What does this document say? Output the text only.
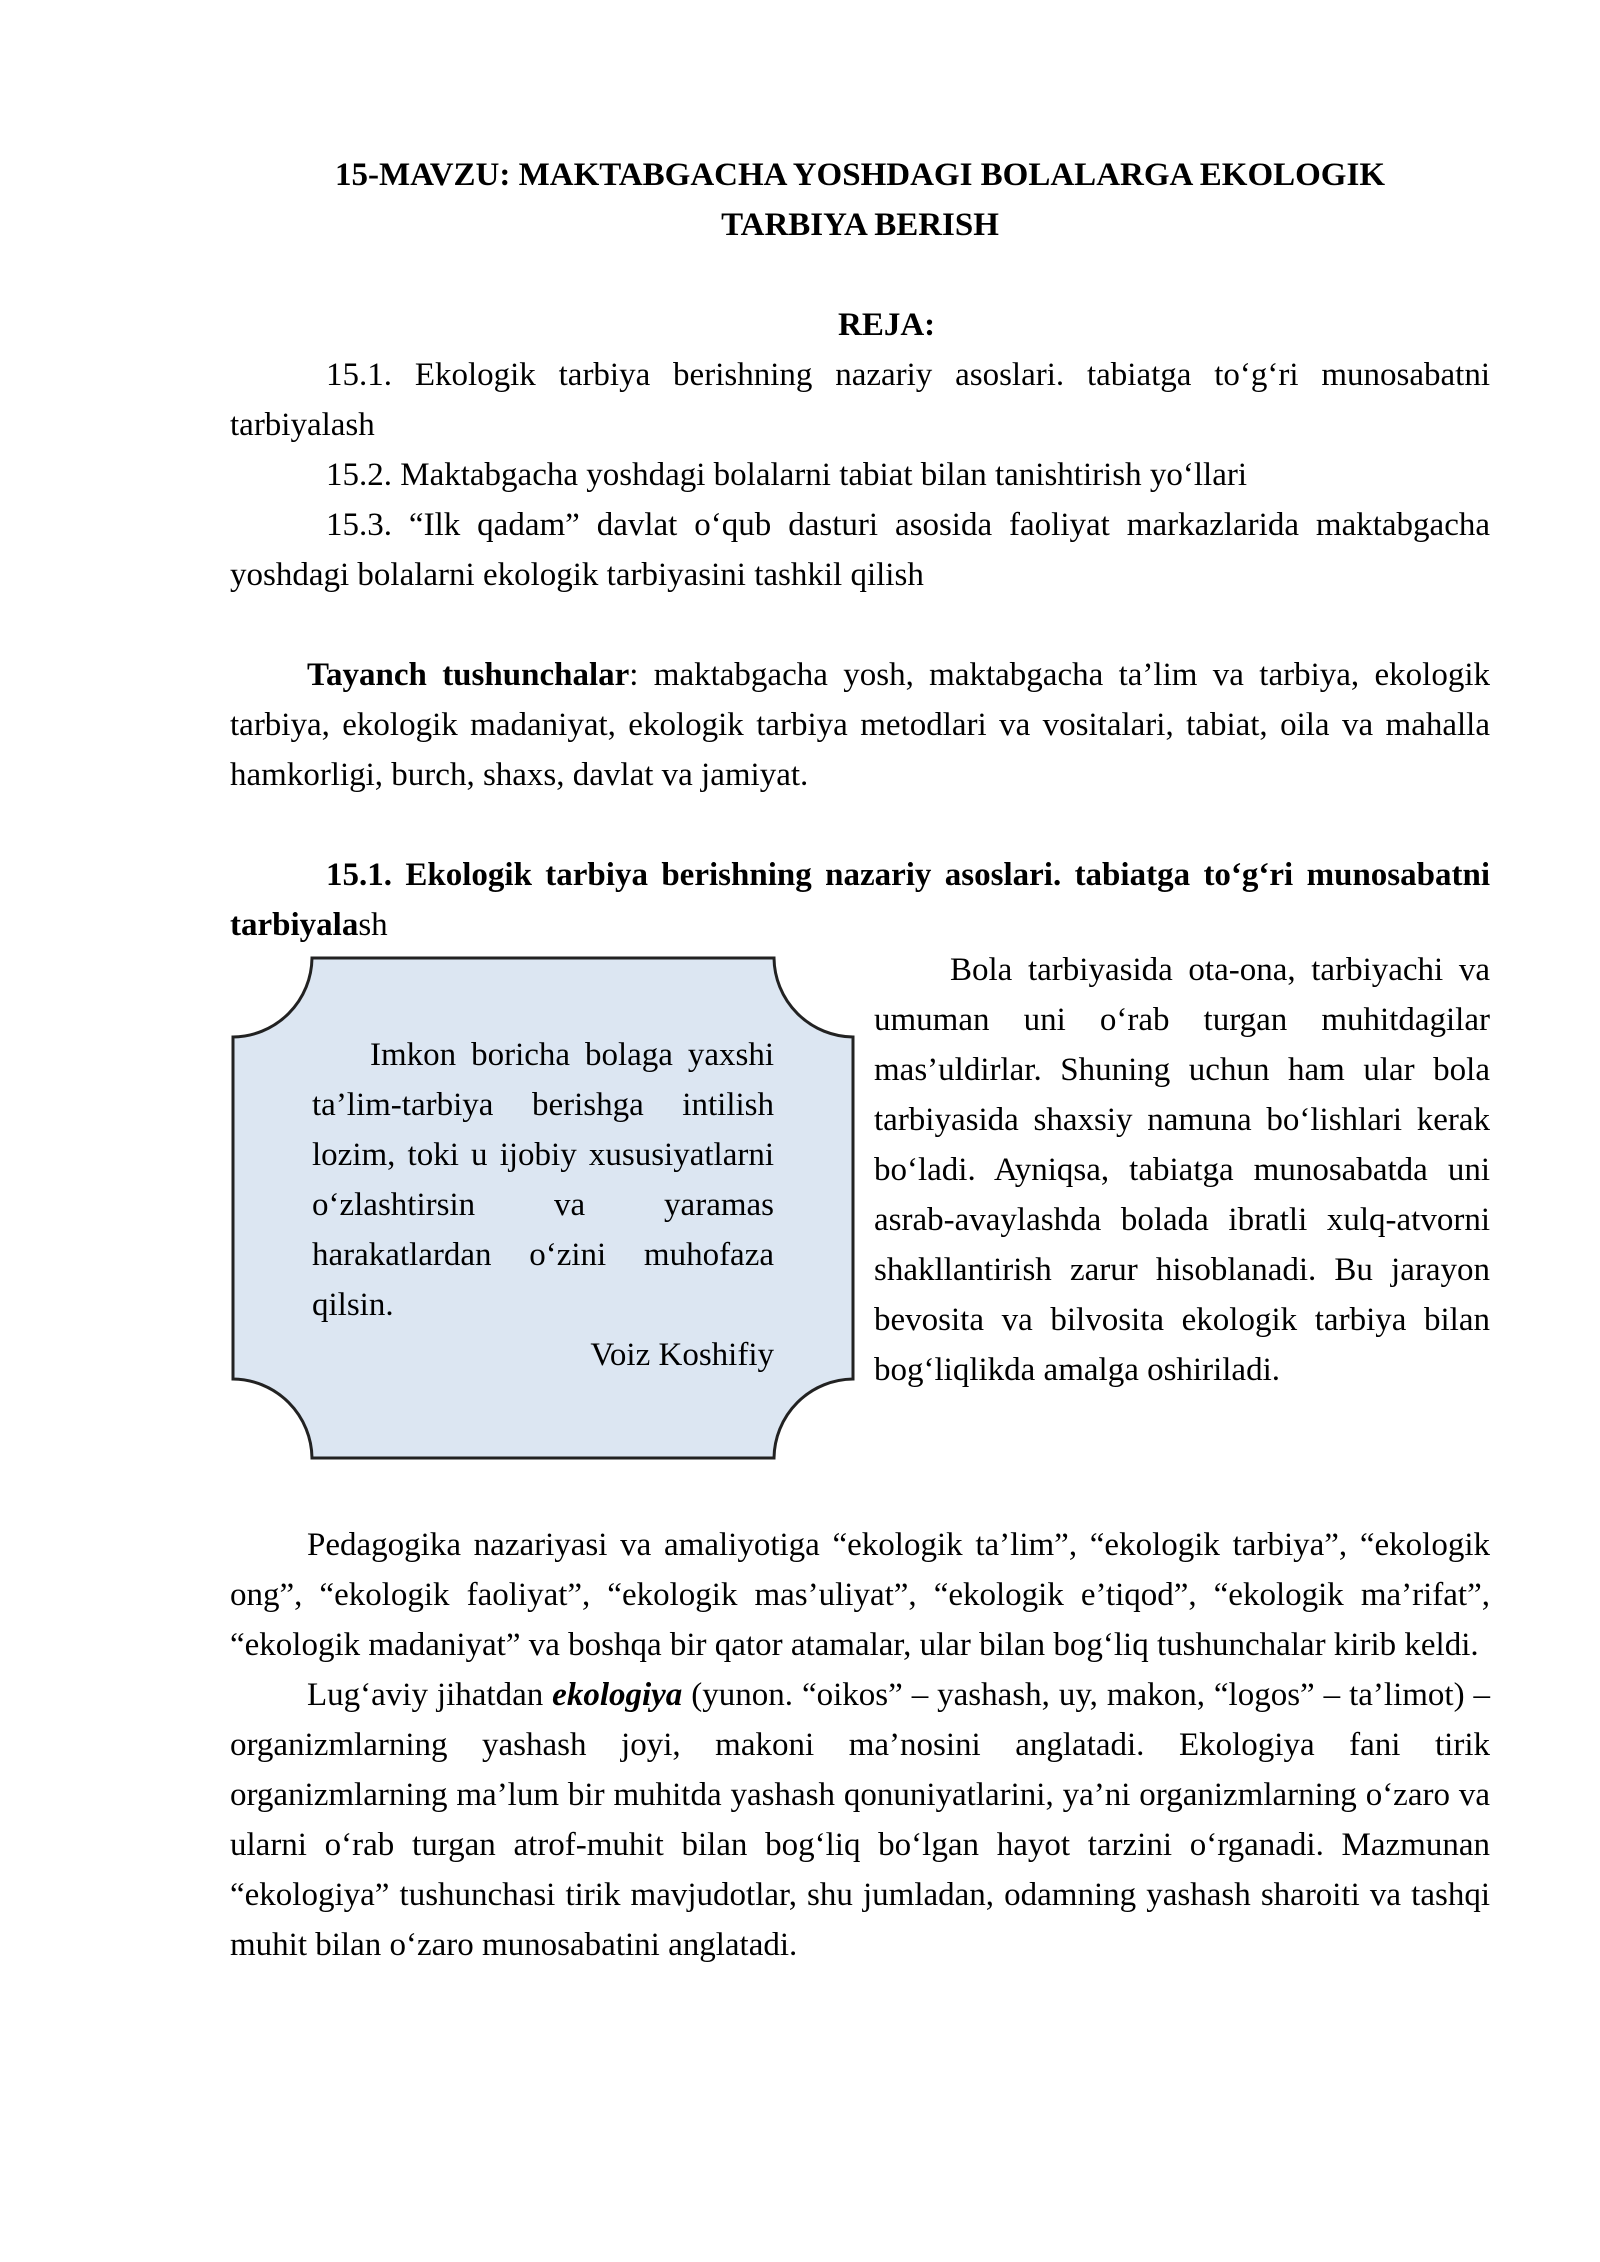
15-MAVZU: MAKTABGACHA YOSHDAGI BOLALARGA EKOLOGIK
TARBIYA BERISH
REJA:

15.1. Ekologik tarbiya berishning nazariy asoslari. tabiatga to‘g‘ri munosabatni tarbiyalash

15.2. Maktabgacha yoshdagi bolalarni tabiat bilan tanishtirish yo‘llari

15.3. “Ilk qadam” davlat o‘qub dasturi asosida faoliyat markazlarida maktabgacha yoshdagi bolalarni ekologik tarbiyasini tashkil qilish

Tayanch tushunchalar: maktabgacha yosh, maktabgacha ta’lim va tarbiya, ekologik tarbiya, ekologik madaniyat, ekologik tarbiya metodlari va vositalari, tabiat, oila va mahalla hamkorligi, burch, shaxs, davlat va jamiyat.

15.1. Ekologik tarbiya berishning nazariy asoslari. tabiatga to‘g‘ri munosabatni tarbiyalash

Imkon boricha bolaga yaxshi ta’lim-tarbiya berishga intilish lozim, toki u ijobiy xususiyatlarni o‘zlashtirsin va yaramas harakatlardan o‘zini muhofaza qilsin.

Voiz Koshifiy

Bola tarbiyasida ota-ona, tarbiyachi va umuman uni o‘rab turgan muhitdagilar mas’uldirlar. Shuning uchun ham ular bola tarbiyasida shaxsiy namuna bo‘lishlari kerak bo‘ladi. Ayniqsa, tabiatga munosabatda uni asrab-avaylashda bolada ibratli xulq-atvorni shakllantirish zarur hisoblanadi. Bu jarayon bevosita va bilvosita ekologik tarbiya bilan bog‘liqlikda amalga oshiriladi.

Pedagogika nazariyasi va amaliyotiga “ekologik ta’lim”, “ekologik tarbiya”, “ekologik ong”, “ekologik faoliyat”, “ekologik mas’uliyat”, “ekologik e’tiqod”, “ekologik ma’rifat”, “ekologik madaniyat” va boshqa bir qator atamalar, ular bilan bog‘liq tushunchalar kirib keldi.

Lug‘aviy jihatdan ekologiya (yunon. “oikos” – yashash, uy, makon, “logos” – ta’limot) – organizmlarning yashash joyi, makoni ma’nosini anglatadi. Ekologiya fani tirik organizmlarning ma’lum bir muhitda yashash qonuniyatlarini, ya’ni organizmlarning o‘zaro va ularni o‘rab turgan atrof-muhit bilan bog‘liq bo‘lgan hayot tarzini o‘rganadi. Mazmunan “ekologiya” tushunchasi tirik mavjudotlar, shu jumladan, odamning yashash sharoiti va tashqi muhit bilan o‘zaro munosabatini anglatadi.
